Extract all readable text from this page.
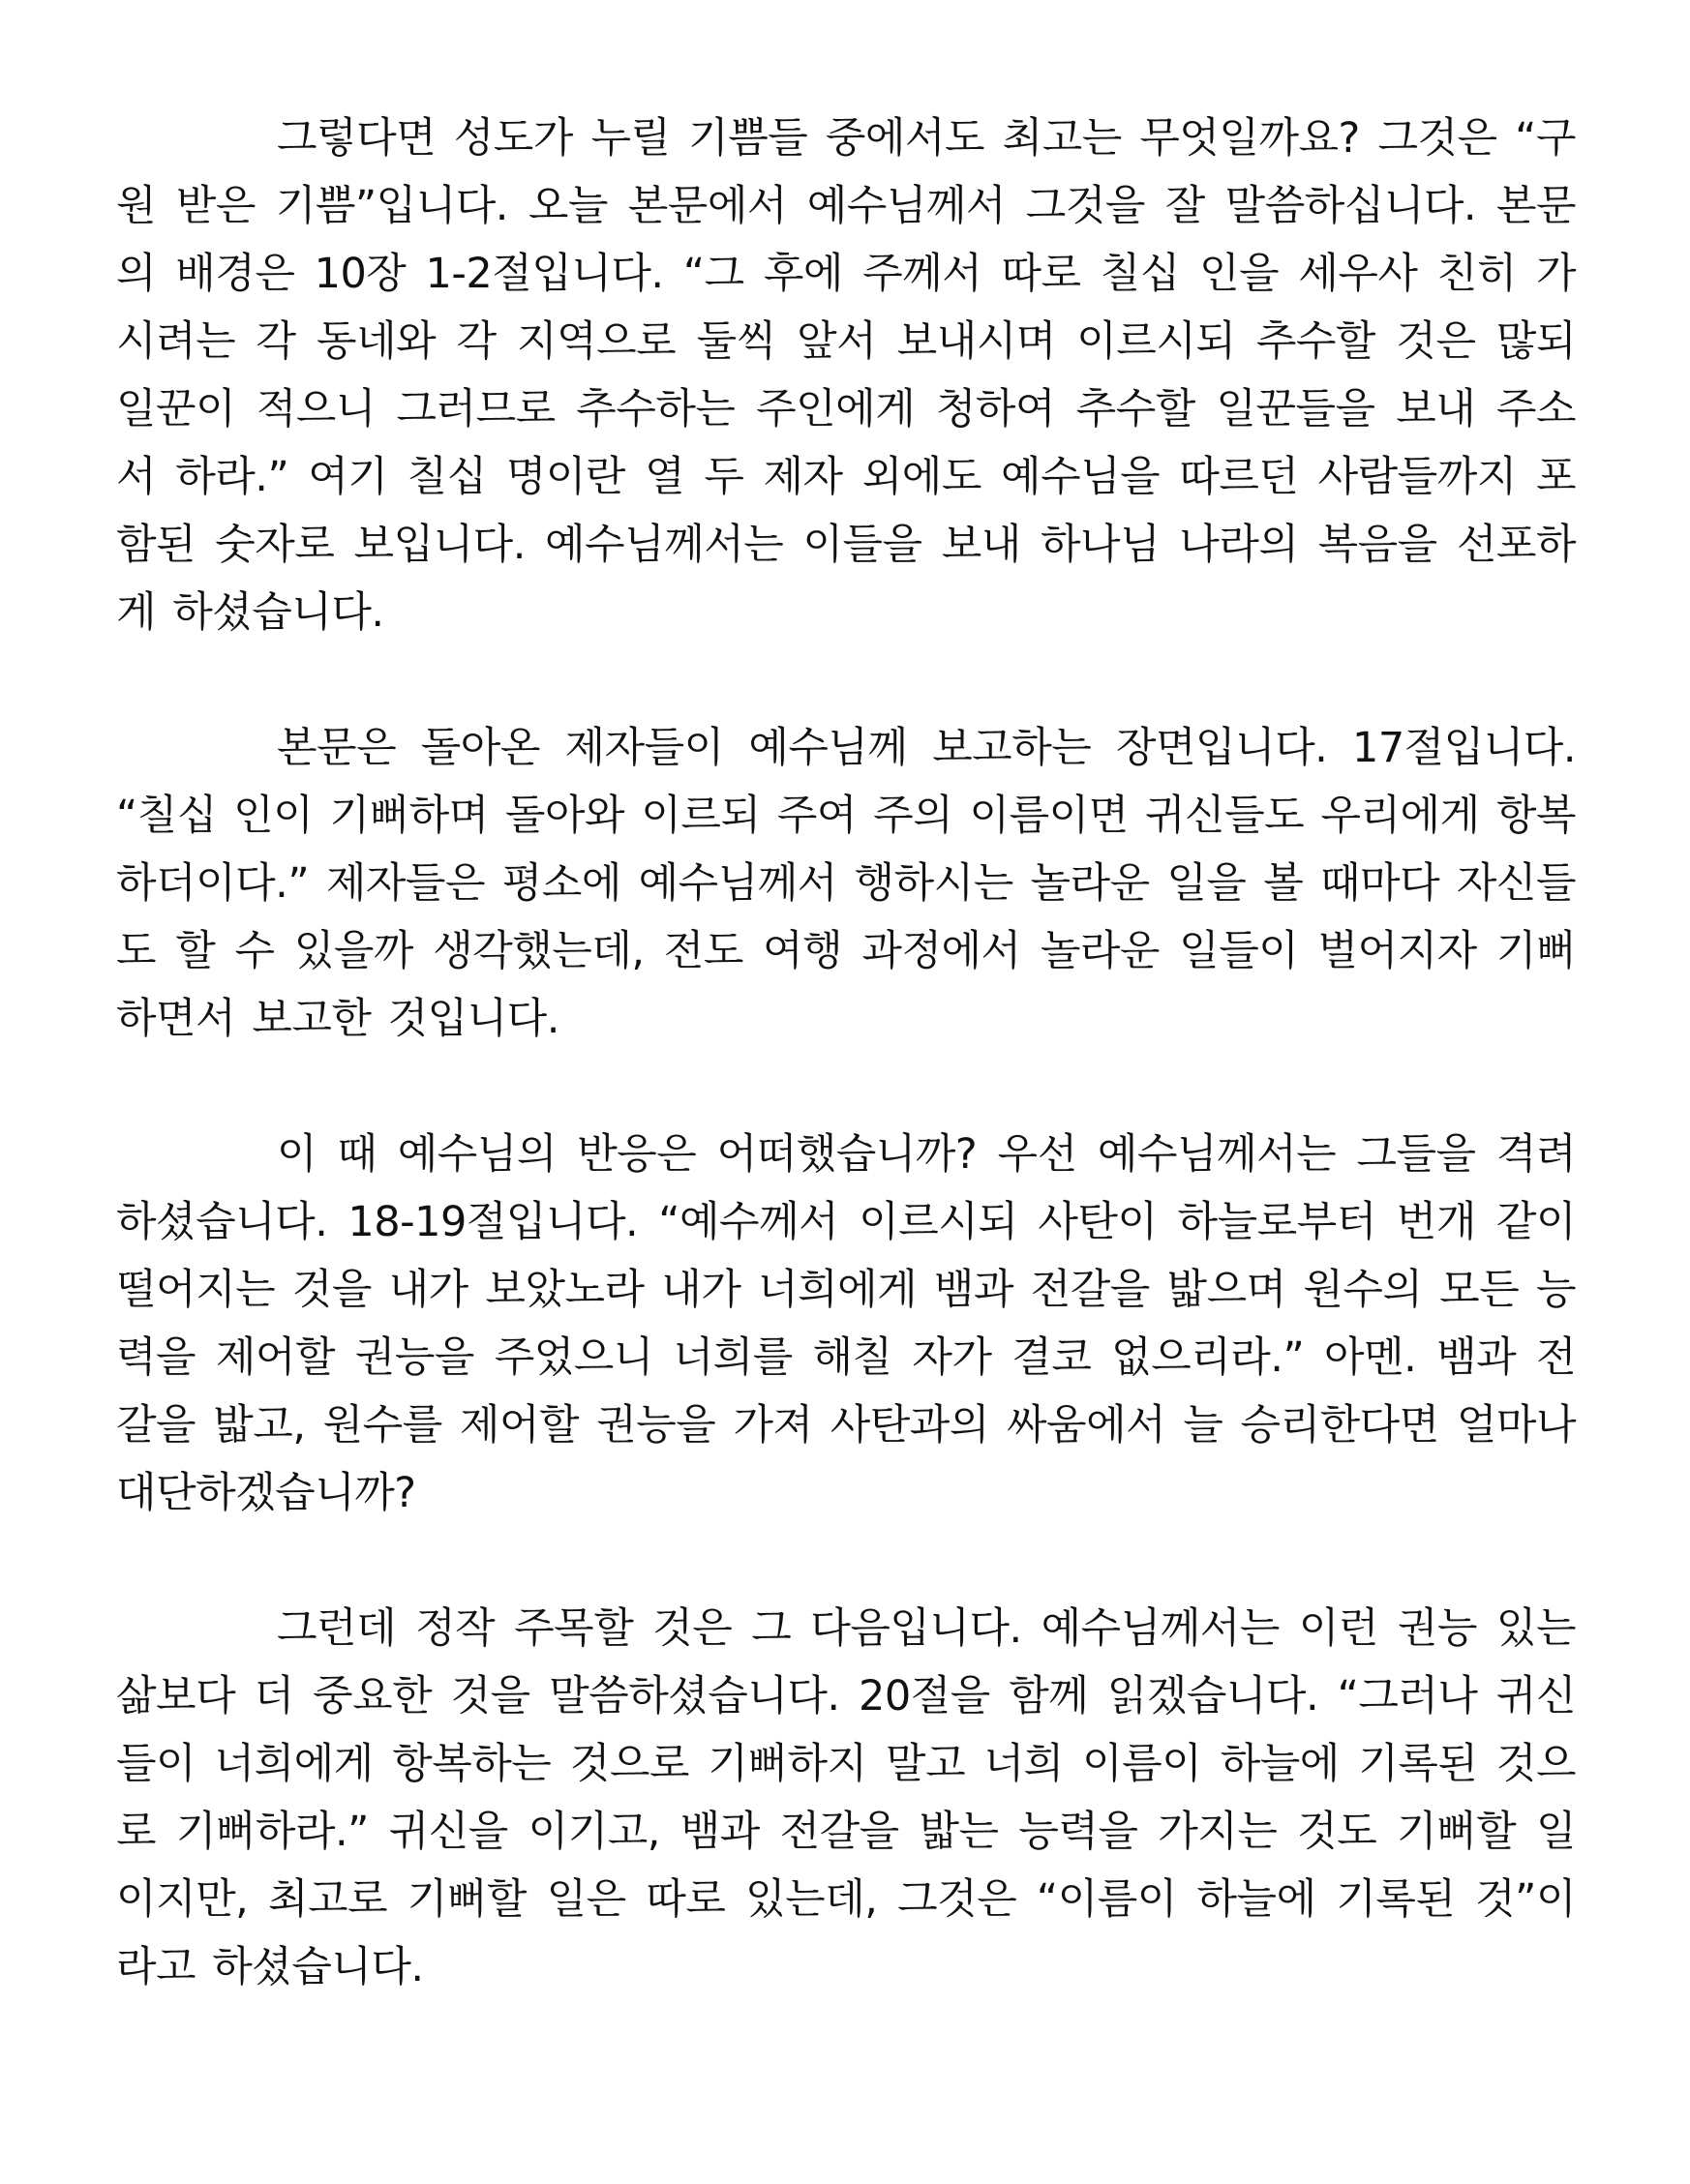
그렇다면 성도가 누릴 기쁨들 중에서도 최고는 무엇일까요? 그것은 “구원 받은 기쁨”입니다. 오늘 본문에서 예수님께서 그것을 잘 말씀하십니다. 본문의 배경은 10장 1-2절입니다. “그 후에 주께서 따로 칠십 인을 세우사 친히 가시려는 각 동네와 각 지역으로 둘씩 앞서 보내시며 이르시되 추수할 것은 많되 일꾼이 적으니 그러므로 추수하는 주인에게 청하여 추수할 일꾼들을 보내 주소서 하라.” 여기 칠십 명이란 열 두 제자 외에도 예수님을 따르던 사람들까지 포함된 숫자로 보입니다. 예수님께서는 이들을 보내 하나님 나라의 복음을 선포하게 하셨습니다.

본문은 돌아온 제자들이 예수님께 보고하는 장면입니다. 17절입니다. “칠십 인이 기뻐하며 돌아와 이르되 주여 주의 이름이면 귀신들도 우리에게 항복하더이다.” 제자들은 평소에 예수님께서 행하시는 놀라운 일을 볼 때마다 자신들도 할 수 있을까 생각했는데, 전도 여행 과정에서 놀라운 일들이 벌어지자 기뻐하면서 보고한 것입니다.

이 때 예수님의 반응은 어떠했습니까? 우선 예수님께서는 그들을 격려하셨습니다. 18-19절입니다. “예수께서 이르시되 사탄이 하늘로부터 번개 같이 떨어지는 것을 내가 보았노라 내가 너희에게 뱀과 전갈을 밟으며 원수의 모든 능력을 제어할 권능을 주었으니 너희를 해칠 자가 결코 없으리라.” 아멘. 뱀과 전갈을 밟고, 원수를 제어할 권능을 가져 사탄과의 싸움에서 늘 승리한다면 얼마나 대단하겠습니까?

그런데 정작 주목할 것은 그 다음입니다. 예수님께서는 이런 권능 있는 삶보다 더 중요한 것을 말씀하셨습니다. 20절을 함께 읽겠습니다. “그러나 귀신들이 너희에게 항복하는 것으로 기뻐하지 말고 너희 이름이 하늘에 기록된 것으로 기뻐하라.” 귀신을 이기고, 뱀과 전갈을 밟는 능력을 가지는 것도 기뻐할 일이지만, 최고로 기뻐할 일은 따로 있는데, 그것은 “이름이 하늘에 기록된 것”이라고 하셨습니다.
